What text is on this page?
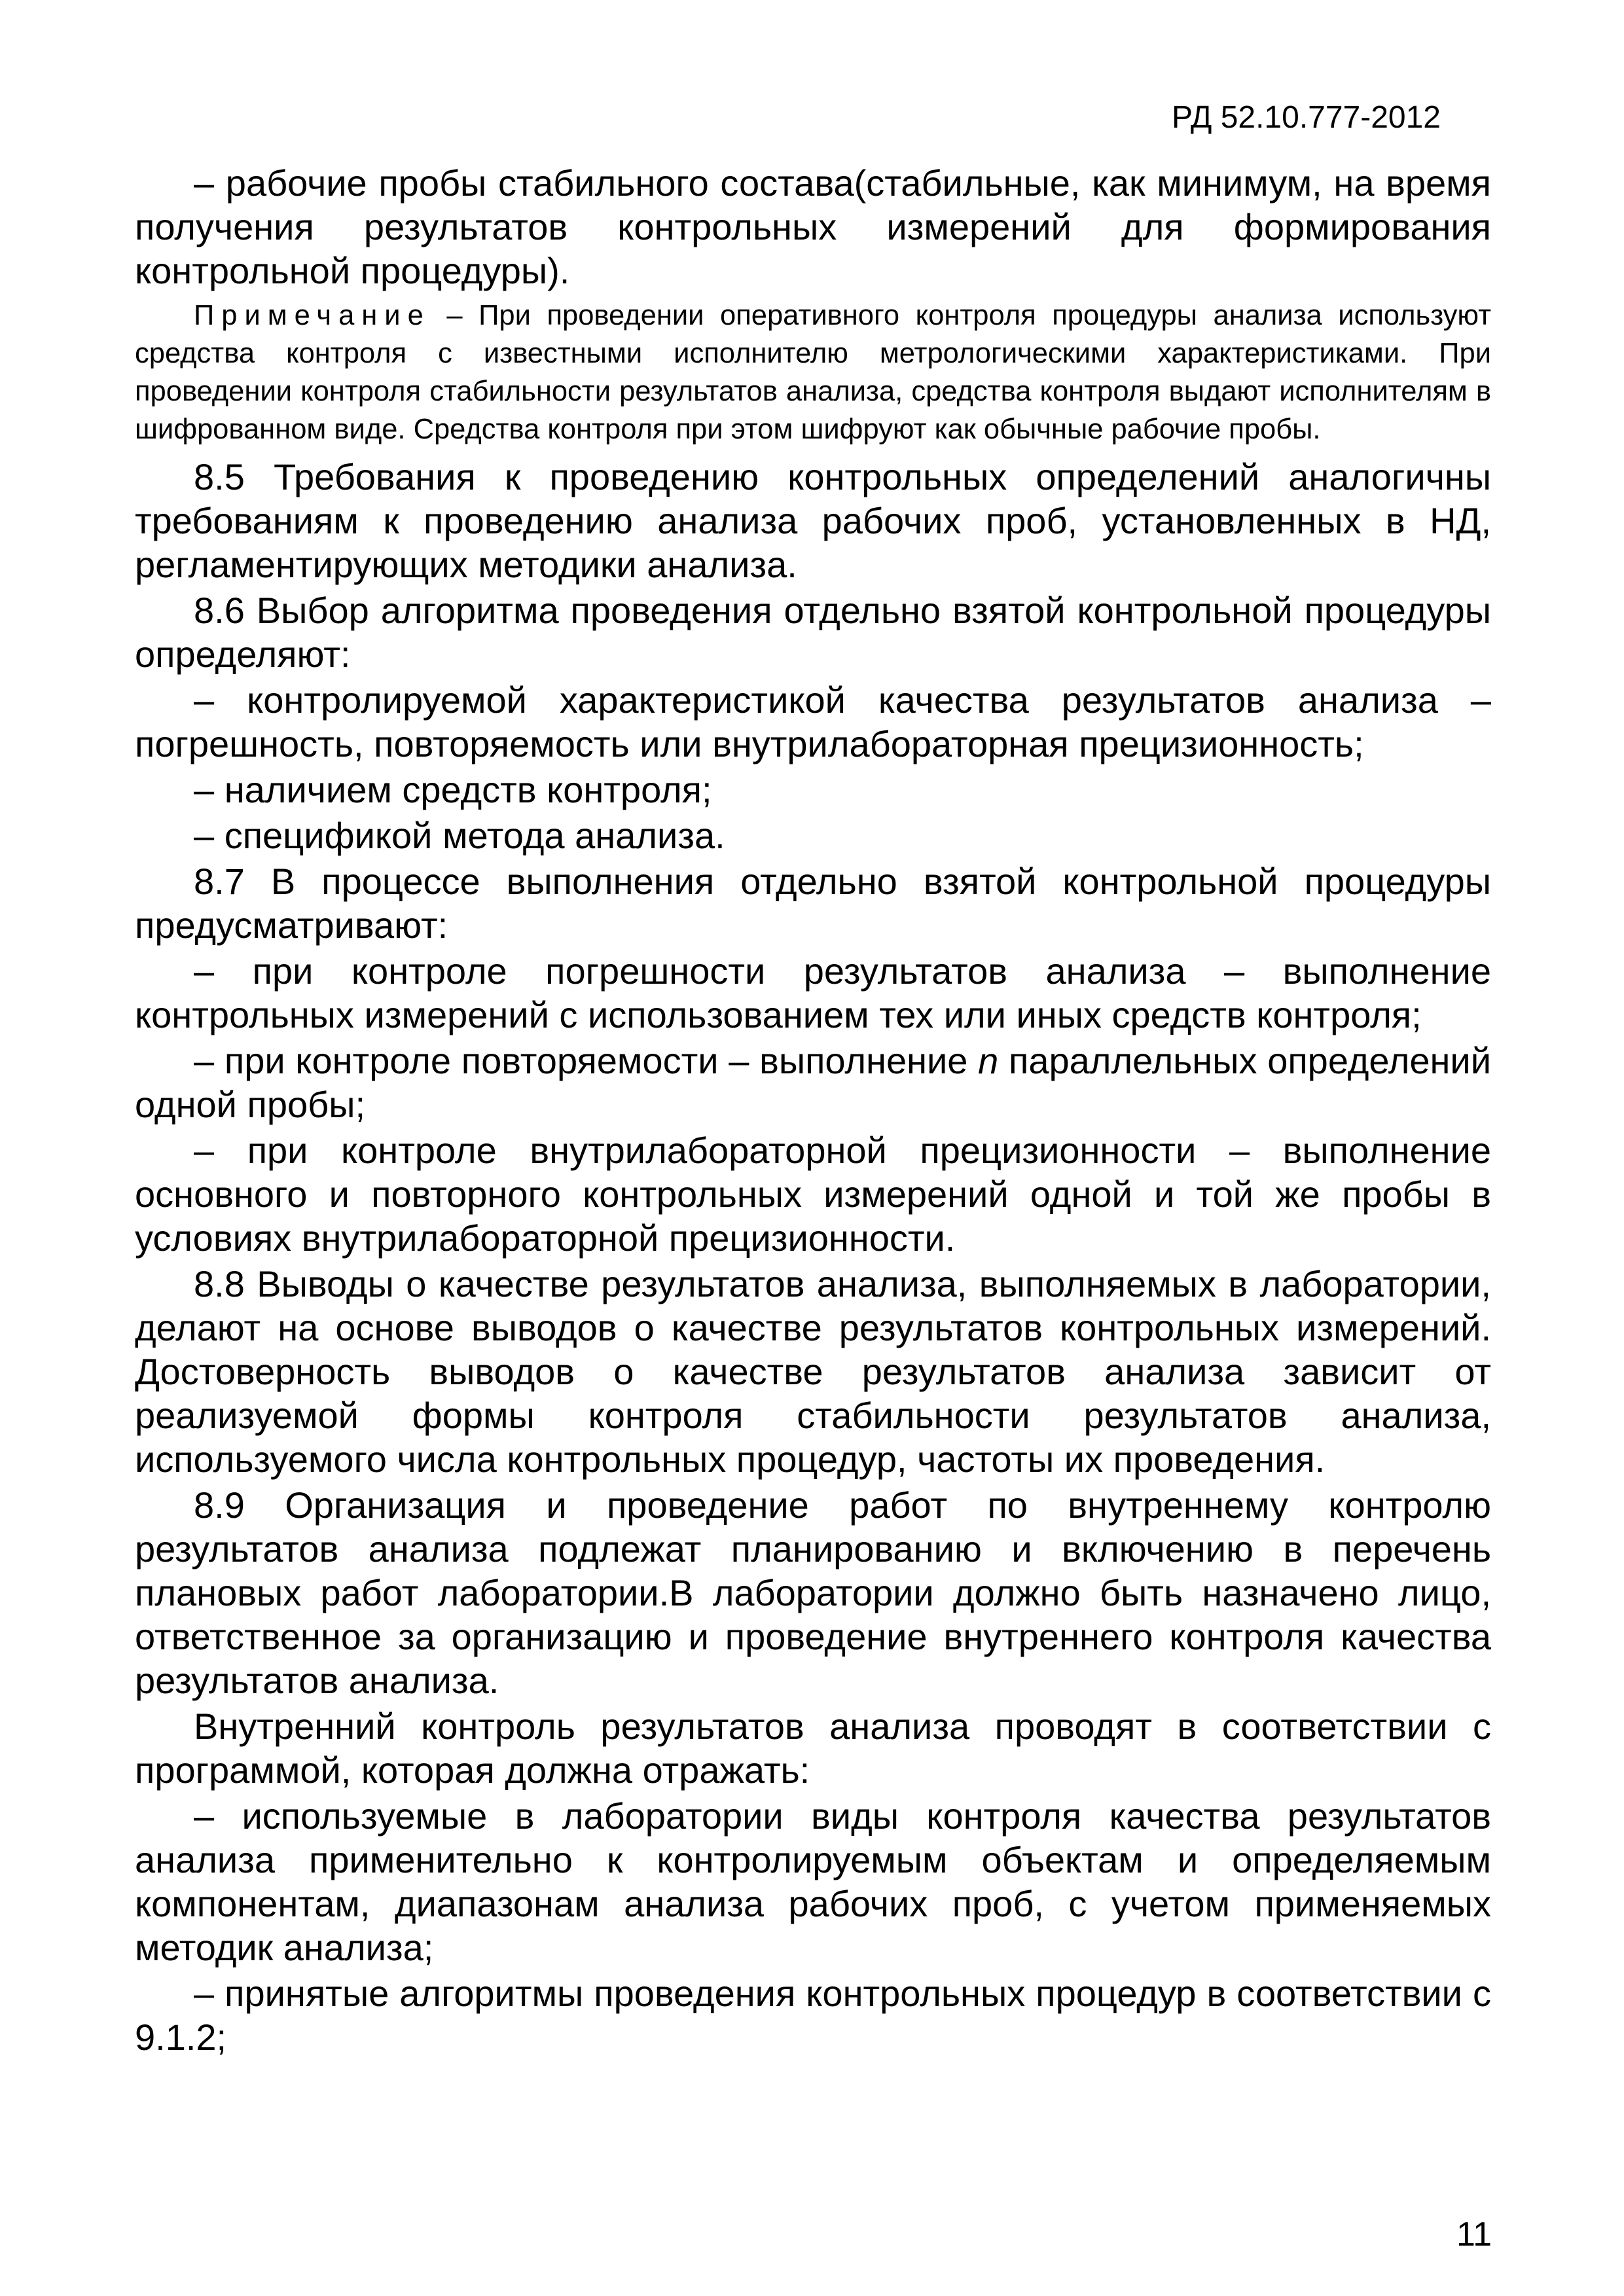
РД 52.10.777-2012

– рабочие пробы стабильного состава(стабильные, как минимум, на время получения результатов контрольных измерений для формирования контрольной процедуры).

Примечание – При проведении оперативного контроля процедуры анализа используют средства контроля с известными исполнителю метрологическими характеристиками. При проведении контроля стабильности результатов анализа, средства контроля выдают исполнителям в шифрованном виде. Средства контроля при этом шифруют как обычные рабочие пробы.

8.5 Требования к проведению контрольных определений аналогичны требованиям к проведению анализа рабочих проб, установленных в НД, регламентирующих методики анализа.

8.6 Выбор алгоритма проведения отдельно взятой контрольной процедуры определяют:

– контролируемой характеристикой качества результатов анализа – погрешность, повторяемость или внутрилабораторная прецизионность;

– наличием средств контроля;

– спецификой метода анализа.

8.7 В процессе выполнения отдельно взятой контрольной процедуры предусматривают:

– при контроле погрешности результатов анализа – выполнение контрольных измерений с использованием тех или иных средств контроля;

– при контроле повторяемости – выполнение n параллельных определений одной пробы;

– при контроле внутрилабораторной прецизионности – выполнение основного и повторного контрольных измерений одной и той же пробы в условиях внутрилабораторной прецизионности.

8.8 Выводы о качестве результатов анализа, выполняемых в лаборатории, делают на основе выводов о качестве результатов контрольных измерений. Достоверность выводов о качестве результатов анализа зависит от реализуемой формы контроля стабильности результатов анализа, используемого числа контрольных процедур, частоты их проведения.

8.9 Организация и проведение работ по внутреннему контролю результатов анализа подлежат планированию и включению в перечень плановых работ лаборатории.В лаборатории должно быть назначено лицо, ответственное за организацию и проведение внутреннего контроля качества результатов анализа.

Внутренний контроль результатов анализа проводят в соответствии с программой, которая должна отражать:

– используемые в лаборатории виды контроля качества результатов анализа применительно к контролируемым объектам и определяемым компонентам, диапазонам анализа рабочих проб, с учетом применяемых методик анализа;

– принятые алгоритмы проведения контрольных процедур в соответствии с 9.1.2;

11
